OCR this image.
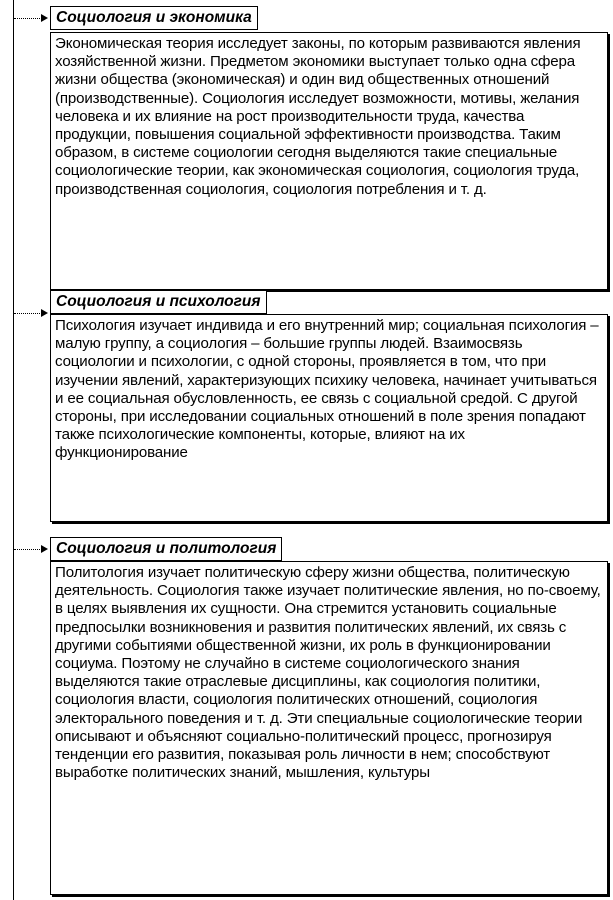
Социология и экономика
Экономическая теория исследует законы, по которым развиваются явления хозяйственной жизни. Предметом экономики выступает только одна сфера жизни общества (экономическая) и один вид общественных отношений (производственные). Социология исследует возможности, мотивы, желания человека и их влияние на рост производительности труда, качества продукции, повышения социальной эффективности производства. Таким образом, в системе социологии сегодня выделяются такие специальные социологические теории, как экономическая социология, социология труда, производственная социология, социология потребления и т. д.
Социология и психология
Психология изучает индивида и его внутренний мир; социальная психология – малую группу, а социология – большие группы людей. Взаимосвязь социологии и психологии, с одной стороны, проявляется в том, что при изучении явлений, характеризующих психику человека, начинает учитываться и ее социальная обусловленность, ее связь с социальной средой. С другой стороны, при исследовании социальных отношений в поле зрения попадают также психологические компоненты, которые, влияют на их функционирование
Социология и политология
Политология изучает политическую сферу жизни общества, политическую деятельность. Социология также изучает политические явления, но по-своему, в целях выявления их сущности. Она стремится установить социальные предпосылки возникновения и развития политических явлений, их связь с другими событиями общественной жизни, их роль в функционировании социума. Поэтому не случайно в системе социологического знания выделяются такие отраслевые дисциплины, как социология политики, социология власти, социология политических отношений, социология электорального поведения и т. д. Эти специальные социологические теории описывают и объясняют социально-политический процесс, прогнозируя тенденции его развития, показывая роль личности в нем; способствуют выработке политических знаний, мышления, культуры
